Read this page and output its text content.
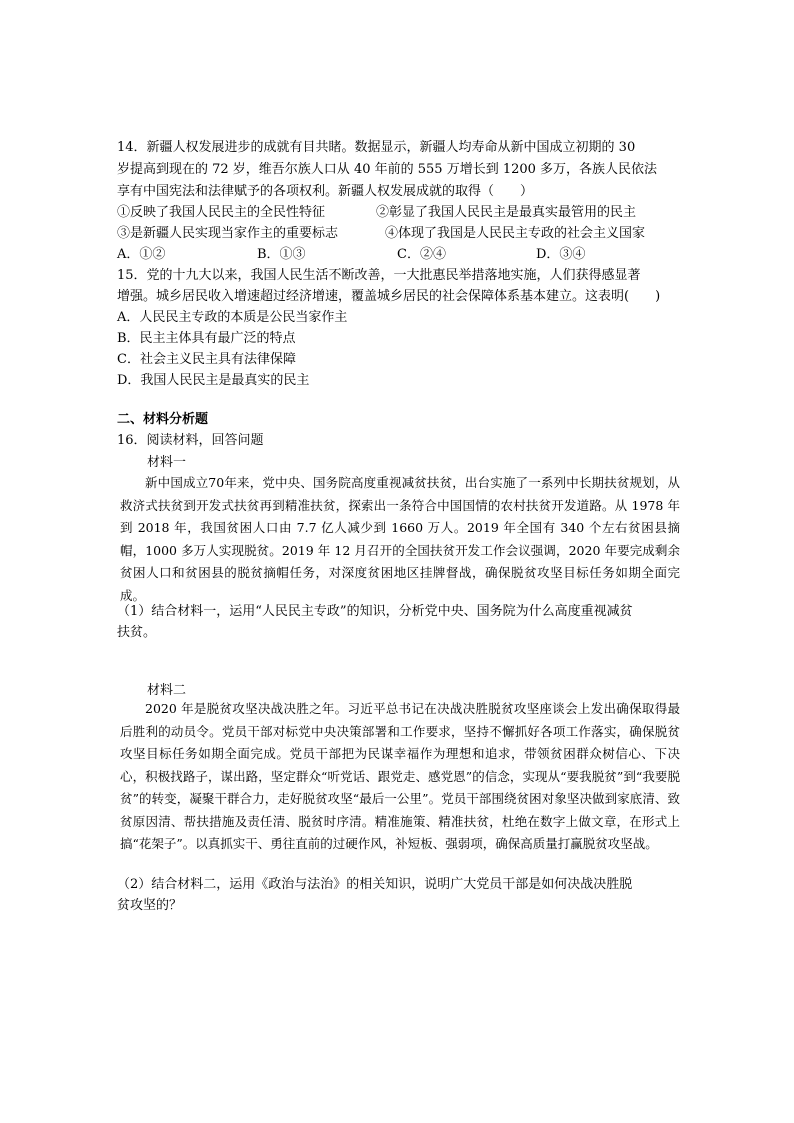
14．新疆人权发展进步的成就有目共睹。数据显示，新疆人均寿命从新中国成立初期的 30
岁提高到现在的 72 岁，维吾尔族人口从 40 年前的 555 万增长到 1200 多万，各族人民依法
享有中国宪法和法律赋予的各项权利。新疆人权发展成就的取得（　　）
①反映了我国人民民主的全民性特征	②彰显了我国人民民主是最真实最管用的民主
③是新疆人民实现当家作主的重要标志	④体现了我国是人民民主专政的社会主义国家
A．①②	B．①③	C．②④	D．③④
15．党的十九大以来，我国人民生活不断改善，一大批惠民举措落地实施，人们获得感显著
增强。城乡居民收入增速超过经济增速，覆盖城乡居民的社会保障体系基本建立。这表明(　　)
A．人民民主专政的本质是公民当家作主
B．民主主体具有最广泛的特点
C．社会主义民主具有法律保障
D．我国人民民主是最真实的民主
二、材料分析题
16．阅读材料，回答问题
材料一

新中国成立70年来，党中央、国务院高度重视减贫扶贫，出台实施了一系列中长期扶贫规划，从救济式扶贫到开发式扶贫再到精准扶贫，探索出一条符合中国国情的农村扶贫开发道路。从 1978 年到 2018 年，我国贫困人口由 7.7 亿人减少到 1660 万人。2019 年全国有 340 个左右贫困县摘帽，1000 多万人实现脱贫。2019 年 12 月召开的全国扶贫开发工作会议强调，2020 年要完成剩余贫困人口和贫困县的脱贫摘帽任务，对深度贫困地区挂牌督战，确保脱贫攻坚目标任务如期全面完成。

（1）结合材料一，运用“人民民主专政”的知识，分析党中央、国务院为什么高度重视减贫
扶贫。
材料二

2020 年是脱贫攻坚决战决胜之年。习近平总书记在决战决胜脱贫攻坚座谈会上发出确保取得最后胜利的动员令。党员干部对标党中央决策部署和工作要求，坚持不懈抓好各项工作落实，确保脱贫攻坚目标任务如期全面完成。党员干部把为民谋幸福作为理想和追求，带领贫困群众树信心、下决心，积极找路子，谋出路，坚定群众“听党话、跟党走、感党恩”的信念，实现从“要我脱贫”到“我要脱贫”的转变，凝聚干群合力，走好脱贫攻坚“最后一公里”。党员干部围绕贫困对象坚决做到家底清、致贫原因清、帮扶措施及责任清、脱贫时序清。精准施策、精准扶贫，杜绝在数字上做文章，在形式上搞“花架子”。以真抓实干、勇往直前的过硬作风，补短板、强弱项，确保高质量打赢脱贫攻坚战。

（2）结合材料二，运用《政治与法治》的相关知识，说明广大党员干部是如何决战决胜脱
贫攻坚的？
